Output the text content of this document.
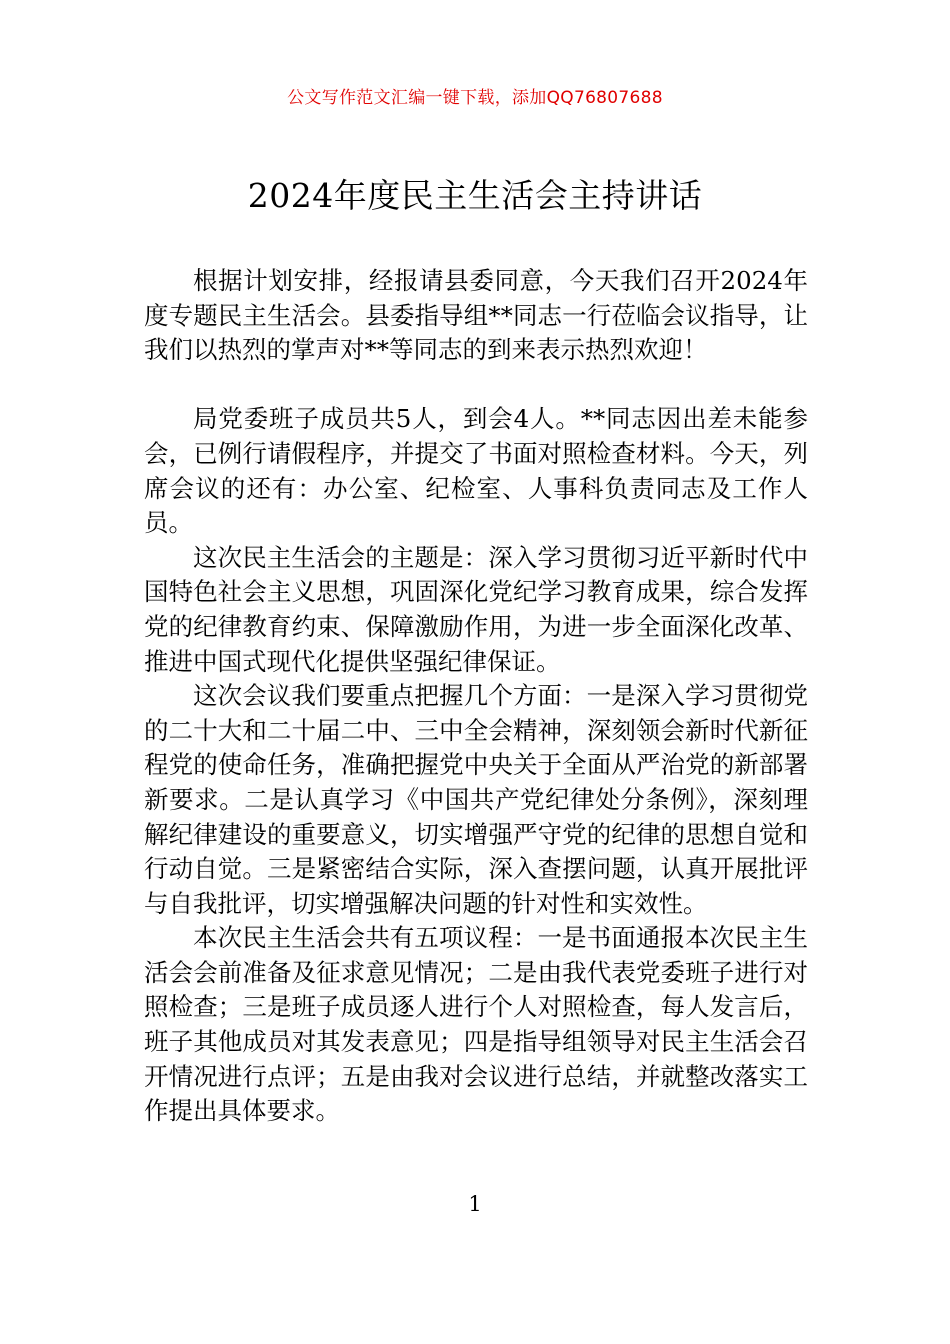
公文写作范文汇编一键下载，添加QQ76807688
2024年度民主生活会主持讲话

根据计划安排，经报请县委同意，今天我们召开2024年度专题民主生活会。县委指导组**同志一行莅临会议指导，让我们以热烈的掌声对**等同志的到来表示热烈欢迎！

局党委班子成员共5人，到会4人。**同志因出差未能参会，已例行请假程序，并提交了书面对照检查材料。今天，列席会议的还有：办公室、纪检室、人事科负责同志及工作人员。

这次民主生活会的主题是：深入学习贯彻习近平新时代中国特色社会主义思想，巩固深化党纪学习教育成果，综合发挥党的纪律教育约束、保障激励作用，为进一步全面深化改革、推进中国式现代化提供坚强纪律保证。

这次会议我们要重点把握几个方面：一是深入学习贯彻党的二十大和二十届二中、三中全会精神，深刻领会新时代新征程党的使命任务，准确把握党中央关于全面从严治党的新部署新要求。二是认真学习《中国共产党纪律处分条例》，深刻理解纪律建设的重要意义，切实增强严守党的纪律的思想自觉和行动自觉。三是紧密结合实际，深入查摆问题，认真开展批评与自我批评，切实增强解决问题的针对性和实效性。

本次民主生活会共有五项议程：一是书面通报本次民主生活会会前准备及征求意见情况；二是由我代表党委班子进行对照检查；三是班子成员逐人进行个人对照检查，每人发言后，班子其他成员对其发表意见；四是指导组领导对民主生活会召开情况进行点评；五是由我对会议进行总结，并就整改落实工作提出具体要求。

1
